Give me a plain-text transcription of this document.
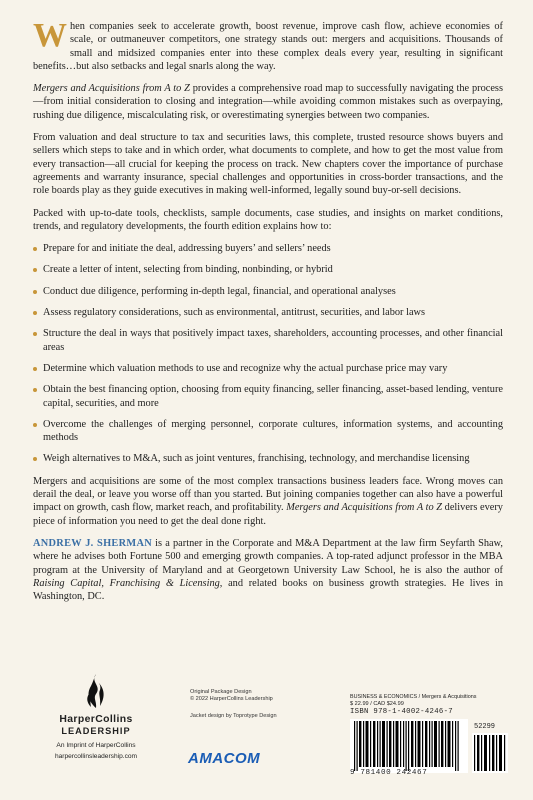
When companies seek to accelerate growth, boost revenue, improve cash flow, achieve economies of scale, or outmaneuver competitors, one strategy stands out: mergers and acquisitions. Thousands of small and midsized companies enter into these complex deals every year, resulting in significant benefits…but also setbacks and legal snarls along the way.

Mergers and Acquisitions from A to Z provides a comprehensive road map to successfully navigating the process—from initial consideration to closing and integration—while avoiding common mistakes such as overpaying, rushing due diligence, miscalculating risk, or overestimating synergies between two companies.

From valuation and deal structure to tax and securities laws, this complete, trusted resource shows buyers and sellers which steps to take and in which order, what documents to complete, and how to get the most value from every transaction—all crucial for keeping the process on track. New chapters cover the importance of purchase agreements and warranty insurance, special challenges and opportunities in cross-border transactions, and the role boards play as they guide executives in making well-informed, legally sound buy-or-sell decisions.

Packed with up-to-date tools, checklists, sample documents, case studies, and insights on market conditions, trends, and regulatory developments, the fourth edition explains how to:

Prepare for and initiate the deal, addressing buyers’ and sellers’ needs
Create a letter of intent, selecting from binding, nonbinding, or hybrid
Conduct due diligence, performing in-depth legal, financial, and operational analyses
Assess regulatory considerations, such as environmental, antitrust, securities, and labor laws
Structure the deal in ways that positively impact taxes, shareholders, accounting processes, and other financial areas
Determine which valuation methods to use and recognize why the actual purchase price may vary
Obtain the best financing option, choosing from equity financing, seller financing, asset-based lending, venture capital, securities, and more
Overcome the challenges of merging personnel, corporate cultures, information systems, and accounting methods
Weigh alternatives to M&A, such as joint ventures, franchising, technology, and merchandise licensing

Mergers and acquisitions are some of the most complex transactions business leaders face. Wrong moves can derail the deal, or leave you worse off than you started. But joining companies together can also have a powerful impact on growth, cash flow, market reach, and profitability. Mergers and Acquisitions from A to Z delivers every piece of information you need to get the deal done right.

ANDREW J. SHERMAN is a partner in the Corporate and M&A Department at the law firm Seyfarth Shaw, where he advises both Fortune 500 and emerging growth companies. A top-rated adjunct professor in the MBA program at the University of Maryland and at Georgetown University Law School, he is also the author of Raising Capital, Franchising & Licensing, and related books on business growth strategies. He lives in Washington, DC.

HarperCollins
LEADERSHIP
An Imprint of HarperCollins
harpercollinsleadership.com
Original Package Design
© 2022 HarperCollins Leadership
Jacket design by Toprotype Design
AMACOM
BUSINESS & ECONOMICS / Mergers & Acquisitions
$ 22.99 / CAD $24.99
ISBN 978-1-4002-4246-7
52299
9 781400 242467
